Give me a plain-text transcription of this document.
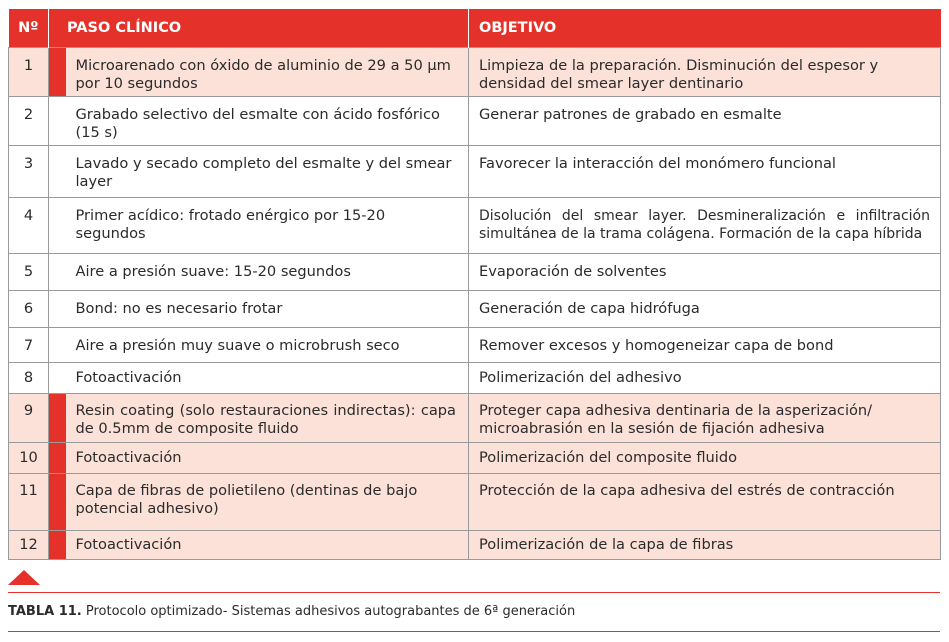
Nº	PASO CLÍNICO		OBJETIVO
1		Microarenado con óxido de aluminio de 29 a 50 µm por 10 segundos	Limpieza de la preparación. Disminución del espesor y densidad del smear layer dentinario

2		Grabado selectivo del esmalte con ácido fosfórico (15 s)	Generar patrones de grabado en esmalte

3		Lavado y secado completo del esmalte y del smear layer	Favorecer la interacción del monómero funcional

4		Primer acídico: frotado enérgico por 15-20 segundos	Disolución del smear layer. Desmineralización e infiltración simultánea de la trama colágena. Formación de la capa híbrida

5		Aire a presión suave: 15-20 segundos	Evaporación de solventes

6		Bond: no es necesario frotar	Generación de capa hidrófuga

7		Aire a presión muy suave o microbrush seco	Remover excesos y homogeneizar capa de bond

8		Fotoactivación	Polimerización del adhesivo

9		Resin coating (solo restauraciones indirectas): capa de 0.5mm de composite fluido	Proteger capa adhesiva dentinaria de la asperización/ microabrasión en la sesión de fijación adhesiva

10		Fotoactivación	Polimerización del composite fluido

11		Capa de fibras de polietileno (dentinas de bajo potencial adhesivo)	Protección de la capa adhesiva del estrés de contracción

12		Fotoactivación	Polimerización de la capa de fibras
TABLA 11. Protocolo optimizado- Sistemas adhesivos autograbantes de 6ª generación
